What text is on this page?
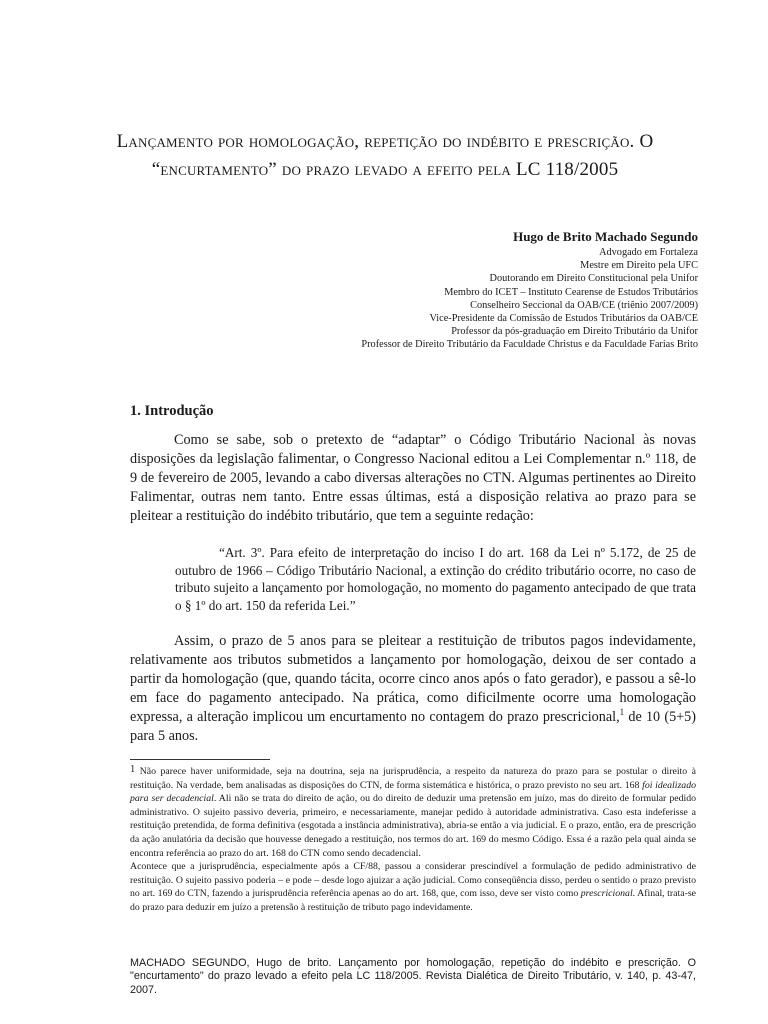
Lançamento por homologação, repetição do indébito e prescrição. O “encurtamento” do prazo levado a efeito pela LC 118/2005
Hugo de Brito Machado Segundo
Advogado em Fortaleza
Mestre em Direito pela UFC
Doutorando em Direito Constitucional pela Unifor
Membro do ICET – Instituto Cearense de Estudos Tributários
Conselheiro Seccional da OAB/CE (triênio 2007/2009)
Vice-Presidente da Comissão de Estudos Tributários da OAB/CE
Professor da pós-graduação em Direito Tributário da Unifor
Professor de Direito Tributário da Faculdade Christus e da Faculdade Farias Brito
1. Introdução

Como se sabe, sob o pretexto de “adaptar” o Código Tributário Nacional às novas disposições da legislação falimentar, o Congresso Nacional editou a Lei Complementar n.º 118, de 9 de fevereiro de 2005, levando a cabo diversas alterações no CTN. Algumas pertinentes ao Direito Falimentar, outras nem tanto. Entre essas últimas, está a disposição relativa ao prazo para se pleitear a restituição do indébito tributário, que tem a seguinte redação:

“Art. 3º. Para efeito de interpretação do inciso I do art. 168 da Lei nº 5.172, de 25 de outubro de 1966 – Código Tributário Nacional, a extinção do crédito tributário ocorre, no caso de tributo sujeito a lançamento por homologação, no momento do pagamento antecipado de que trata o § 1º do art. 150 da referida Lei.”

Assim, o prazo de 5 anos para se pleitear a restituição de tributos pagos indevidamente, relativamente aos tributos submetidos a lançamento por homologação, deixou de ser contado a partir da homologação (que, quando tácita, ocorre cinco anos após o fato gerador), e passou a sê-lo em face do pagamento antecipado. Na prática, como dificilmente ocorre uma homologação expressa, a alteração implicou um encurtamento no contagem do prazo prescricional,$^1$ de 10 (5+5) para 5 anos.

1 Não parece haver uniformidade, seja na doutrina, seja na jurisprudência, a respeito da natureza do prazo para se postular o direito à restituição. Na verdade, bem analisadas as disposições do CTN, de forma sistemática e histórica, o prazo previsto no seu art. 168 foi idealizado para ser decadencial. Ali não se trata do direito de ação, ou do direito de deduzir uma pretensão em juízo, mas do direito de formular pedido administrativo. O sujeito passivo deveria, primeiro, e necessariamente, manejar pedido à autoridade administrativa. Caso esta indeferisse a restituição pretendida, de forma definitiva (esgotada a instância administrativa), abria-se então a via judicial. E o prazo, então, era de prescrição da ação anulatória da decisão que houvesse denegado a restituição, nos termos do art. 169 do mesmo Código. Essa é a razão pela qual ainda se encontra referência ao prazo do art. 168 do CTN como sendo decadencial.

Acontece que a jurisprudência, especialmente após a CF/88, passou a considerar prescindível a formulação de pedido administrativo de restituição. O sujeito passivo poderia – e pode – desde logo ajuizar a ação judicial. Como conseqüência disso, perdeu o sentido o prazo previsto no art. 169 do CTN, fazendo a jurisprudência referência apenas ao do art. 168, que, com isso, deve ser visto como prescricional. Afinal, trata-se do prazo para deduzir em juízo a pretensão à restituição de tributo pago indevidamente.

MACHADO SEGUNDO, Hugo de brito. Lançamento por homologação, repetição do indébito e prescrição. O "encurtamento" do prazo levado a efeito pela LC 118/2005. Revista Dialética de Direito Tributário, v. 140, p. 43-47, 2007.
